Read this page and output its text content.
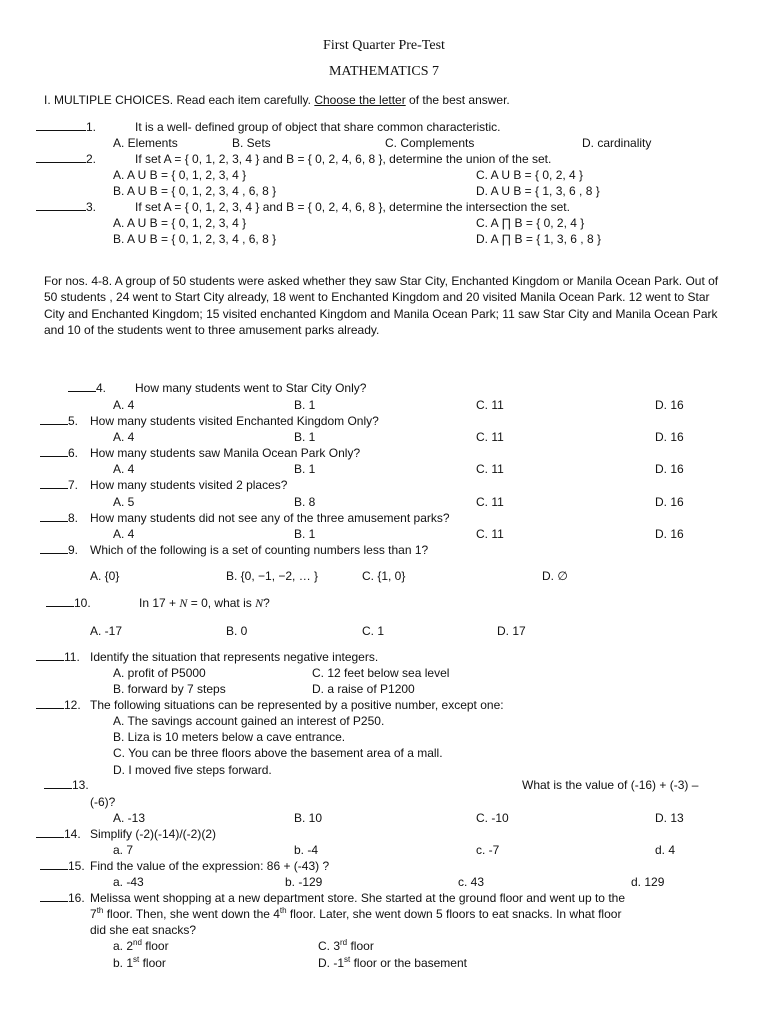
First Quarter Pre-Test
MATHEMATICS 7
I. MULTIPLE CHOICES. Read each item carefully. Choose the letter of the best answer.
1.	It is a well- defined group of object that share common characteristic.
A. Elements	B. Sets	C. Complements	D. cardinality
2.	If set A = { 0, 1, 2, 3, 4 } and B = { 0, 2, 4, 6, 8 }, determine the union of the set.
A. A U B = { 0, 1, 2, 3, 4 }	C. A U B = { 0, 2, 4 }
B. A U B = { 0, 1, 2, 3, 4 , 6, 8 }	D. A U B = { 1, 3, 6 , 8 }
3.	If set A = { 0, 1, 2, 3, 4 } and B = { 0, 2, 4, 6, 8 }, determine the intersection the set.
A. A U B = { 0, 1, 2, 3, 4 }	C. A ∏ B = { 0, 2, 4 }
B. A U B = { 0, 1, 2, 3, 4 , 6, 8 }	D. A ∏ B = { 1, 3, 6 , 8 }
For nos. 4-8. A group of 50 students were asked whether they saw Star City, Enchanted Kingdom or Manila Ocean Park. Out of 50 students , 24 went to Start City already, 18 went to Enchanted Kingdom and 20 visited Manila Ocean Park. 12 went to Star City and Enchanted Kingdom; 15 visited enchanted Kingdom and Manila Ocean Park; 11 saw Star City and Manila Ocean Park and 10 of the students went to three amusement parks already.
4. How many students went to Star City Only?
A. 4	B. 1	C. 11	D. 16
5. How many students visited Enchanted Kingdom Only?
A. 4	B. 1	C. 11	D. 16
6. How many students saw Manila Ocean Park Only?
A. 4	B. 1	C. 11	D. 16
7. How many students visited 2 places?
A. 5	B. 8	C. 11	D. 16
8. How many students did not see any of the three amusement parks?
A. 4	B. 1	C. 11	D. 16
9. Which of the following is a set of counting numbers less than 1?
A. {0}	B. {0, −1, −2, … }	C. {1, 0}	D. ∅
10.	In 17 + N = 0, what is N?
A. -17	B. 0	C. 1	D. 17
11. Identify the situation that represents negative integers.
A. profit of P5000	C. 12 feet below sea level
B. forward by 7 steps	D. a raise of P1200
12. The following situations can be represented by a positive number, except one:
A. The savings account gained an interest of P250.
B. Liza is 10 meters below a cave entrance.
C. You can be three floors above the basement area of a mall.
D. I moved five steps forward.
13.	What is the value of (-16) + (-3) –
(-6)?
A. -13	B. 10	C. -10	D. 13
14. Simplify (-2)(-14)/(-2)(2)
a. 7	b. -4	c. -7	d. 4
15. Find the value of the expression: 86 + (-43) ?
a. -43	b. -129	c. 43	d. 129
16. Melissa went shopping at a new department store. She started at the ground floor and went up to the
7th floor. Then, she went down the 4th floor. Later, she went down 5 floors to eat snacks. In what floor
did she eat snacks?
a. 2nd floor	C. 3rd floor
b. 1st floor	D. -1st floor or the basement
